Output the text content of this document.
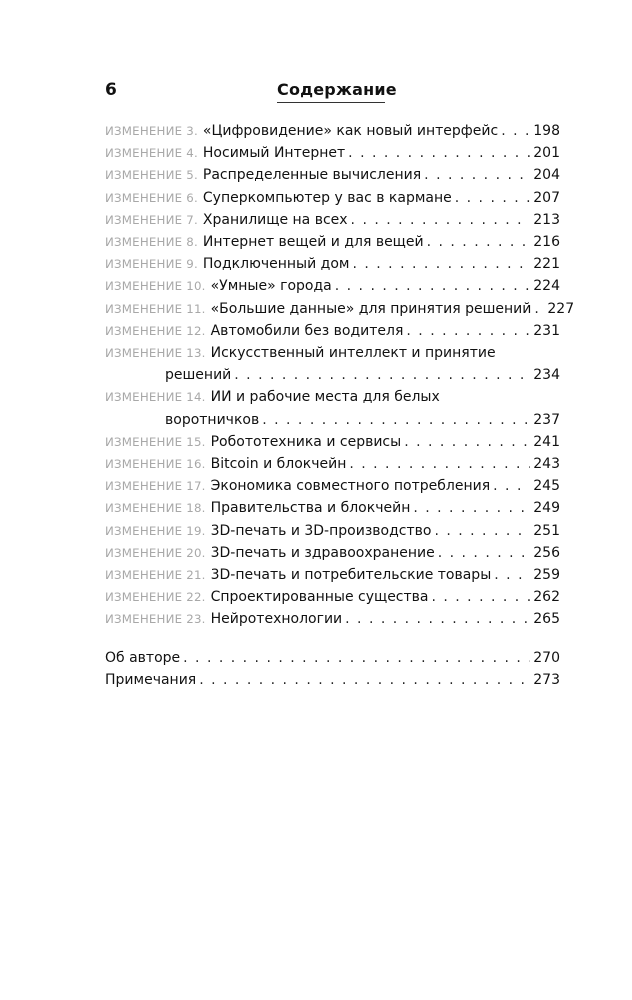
6	Содержание
ИЗМЕНЕНИЕ 3. «Цифровидение» как новый интерфейс . . .	198
ИЗМЕНЕНИЕ 4. Носимый Интернет . . .	201
ИЗМЕНЕНИЕ 5. Распределенные вычисления . . .	204
ИЗМЕНЕНИЕ 6. Суперкомпьютер у вас в кармане . . .	207
ИЗМЕНЕНИЕ 7. Хранилище на всех . . .	213
ИЗМЕНЕНИЕ 8. Интернет вещей и для вещей . . .	216
ИЗМЕНЕНИЕ 9. Подключенный дом . . .	221
ИЗМЕНЕНИЕ 10. «Умные» города . . .	224
ИЗМЕНЕНИЕ 11. «Большие данные» для принятия решений . . . 227
ИЗМЕНЕНИЕ 12. Автомобили без водителя . . .	231
ИЗМЕНЕНИЕ 13. Искусственный интеллект и принятие
решений . . .	234
ИЗМЕНЕНИЕ 14. ИИ и рабочие места для белых
воротничков . . .	237
ИЗМЕНЕНИЕ 15. Робототехника и сервисы . . .	241
ИЗМЕНЕНИЕ 16. Bitcoin и блокчейн . . .	243
ИЗМЕНЕНИЕ 17. Экономика совместного потребления . . .	245
ИЗМЕНЕНИЕ 18. Правительства и блокчейн . . .	249
ИЗМЕНЕНИЕ 19. 3D-печать и 3D-производство . . .	251
ИЗМЕНЕНИЕ 20. 3D-печать и здравоохранение . . .	256
ИЗМЕНЕНИЕ 21. 3D-печать и потребительские товары . . .	259
ИЗМЕНЕНИЕ 22. Спроектированные существа . . .	262
ИЗМЕНЕНИЕ 23. Нейротехнологии . . .	265
Об авторе . . .	270
Примечания . . .	273
